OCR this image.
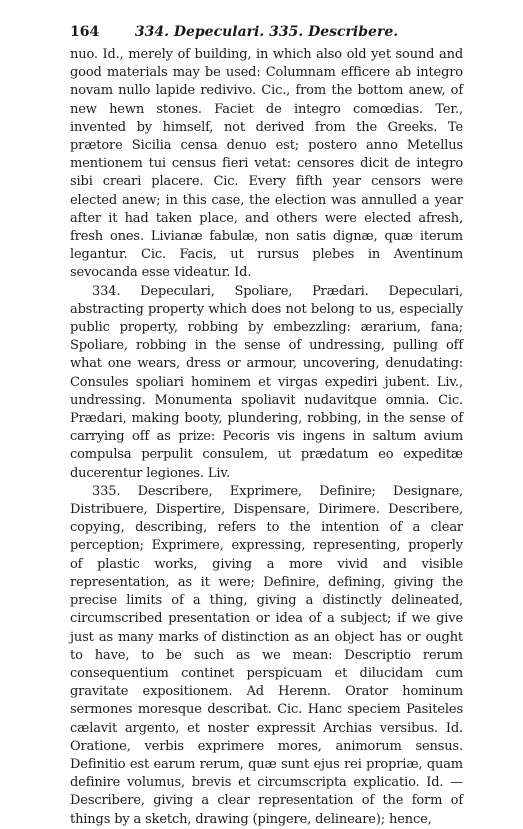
164	334. Depeculari. 335. Describere.

nuo. Id., merely of building, in which also old yet sound and good materials may be used: Columnam efficere ab integro novam nullo lapide redivivo. Cic., from the bottom anew, of new hewn stones. Faciet de integro comœdias. Ter., invented by himself, not derived from the Greeks. Te prætore Siciliа censa denuo est; postero anno Metellus mentionem tui census fieri vetat: censores dicit de integro sibi creari placere. Cic. Every fifth year censors were elected anew; in this case, the election was annulled a year after it had taken place, and others were elected afresh, fresh ones. Livianæ fabulæ, non satis dignæ, quæ iterum legantur. Cic. Facis, ut rursus plebes in Aventinum sevocanda esse videatur. Id.

334. Depeculari, Spoliare, Prædari. Depeculari, abstracting property which does not belong to us, especially public property, robbing by embezzling: ærarium, fana; Spoliare, robbing in the sense of undressing, pulling off what one wears, dress or armour, uncovering, denudating: Consules spoliari hominem et virgas expediri jubent. Liv., undressing. Monumenta spoliavit nudavitque omnia. Cic. Prædari, making booty, plundering, robbing, in the sense of carrying off as prize: Pecoris vis ingens in saltum avium compulsa perpulit consulem, ut prædatum eo expeditæ ducerentur legiones. Liv.

335. Describere, Exprimere, Definire; Designare, Distribuere, Dispertire, Dispensare, Dirimere. Describere, copying, describing, refers to the intention of a clear perception; Exprimere, expressing, representing, properly of plastic works, giving a more vivid and visible representation, as it were; Definire, defining, giving the precise limits of a thing, giving a distinctly delineated, circumscribed presentation or idea of a subject; if we give just as many marks of distinction as an object has or ought to have, to be such as we mean: Descriptio rerum consequentium continet perspicuam et dilucidam cum gravitate expositionem. Ad Herenn. Orator hominum sermones moresque describat. Cic. Hanc speciem Pasiteles cælavit argento, et noster expressit Archias versibus. Id. Oratione, verbis exprimere mores, animorum sensus. Definitio est earum rerum, quæ sunt ejus rei propriæ, quam definire volumus, brevis et circumscripta explicatio. Id. — Describere, giving a clear representation of the form of things by a sketch, drawing (pingere, delineare); hence,
